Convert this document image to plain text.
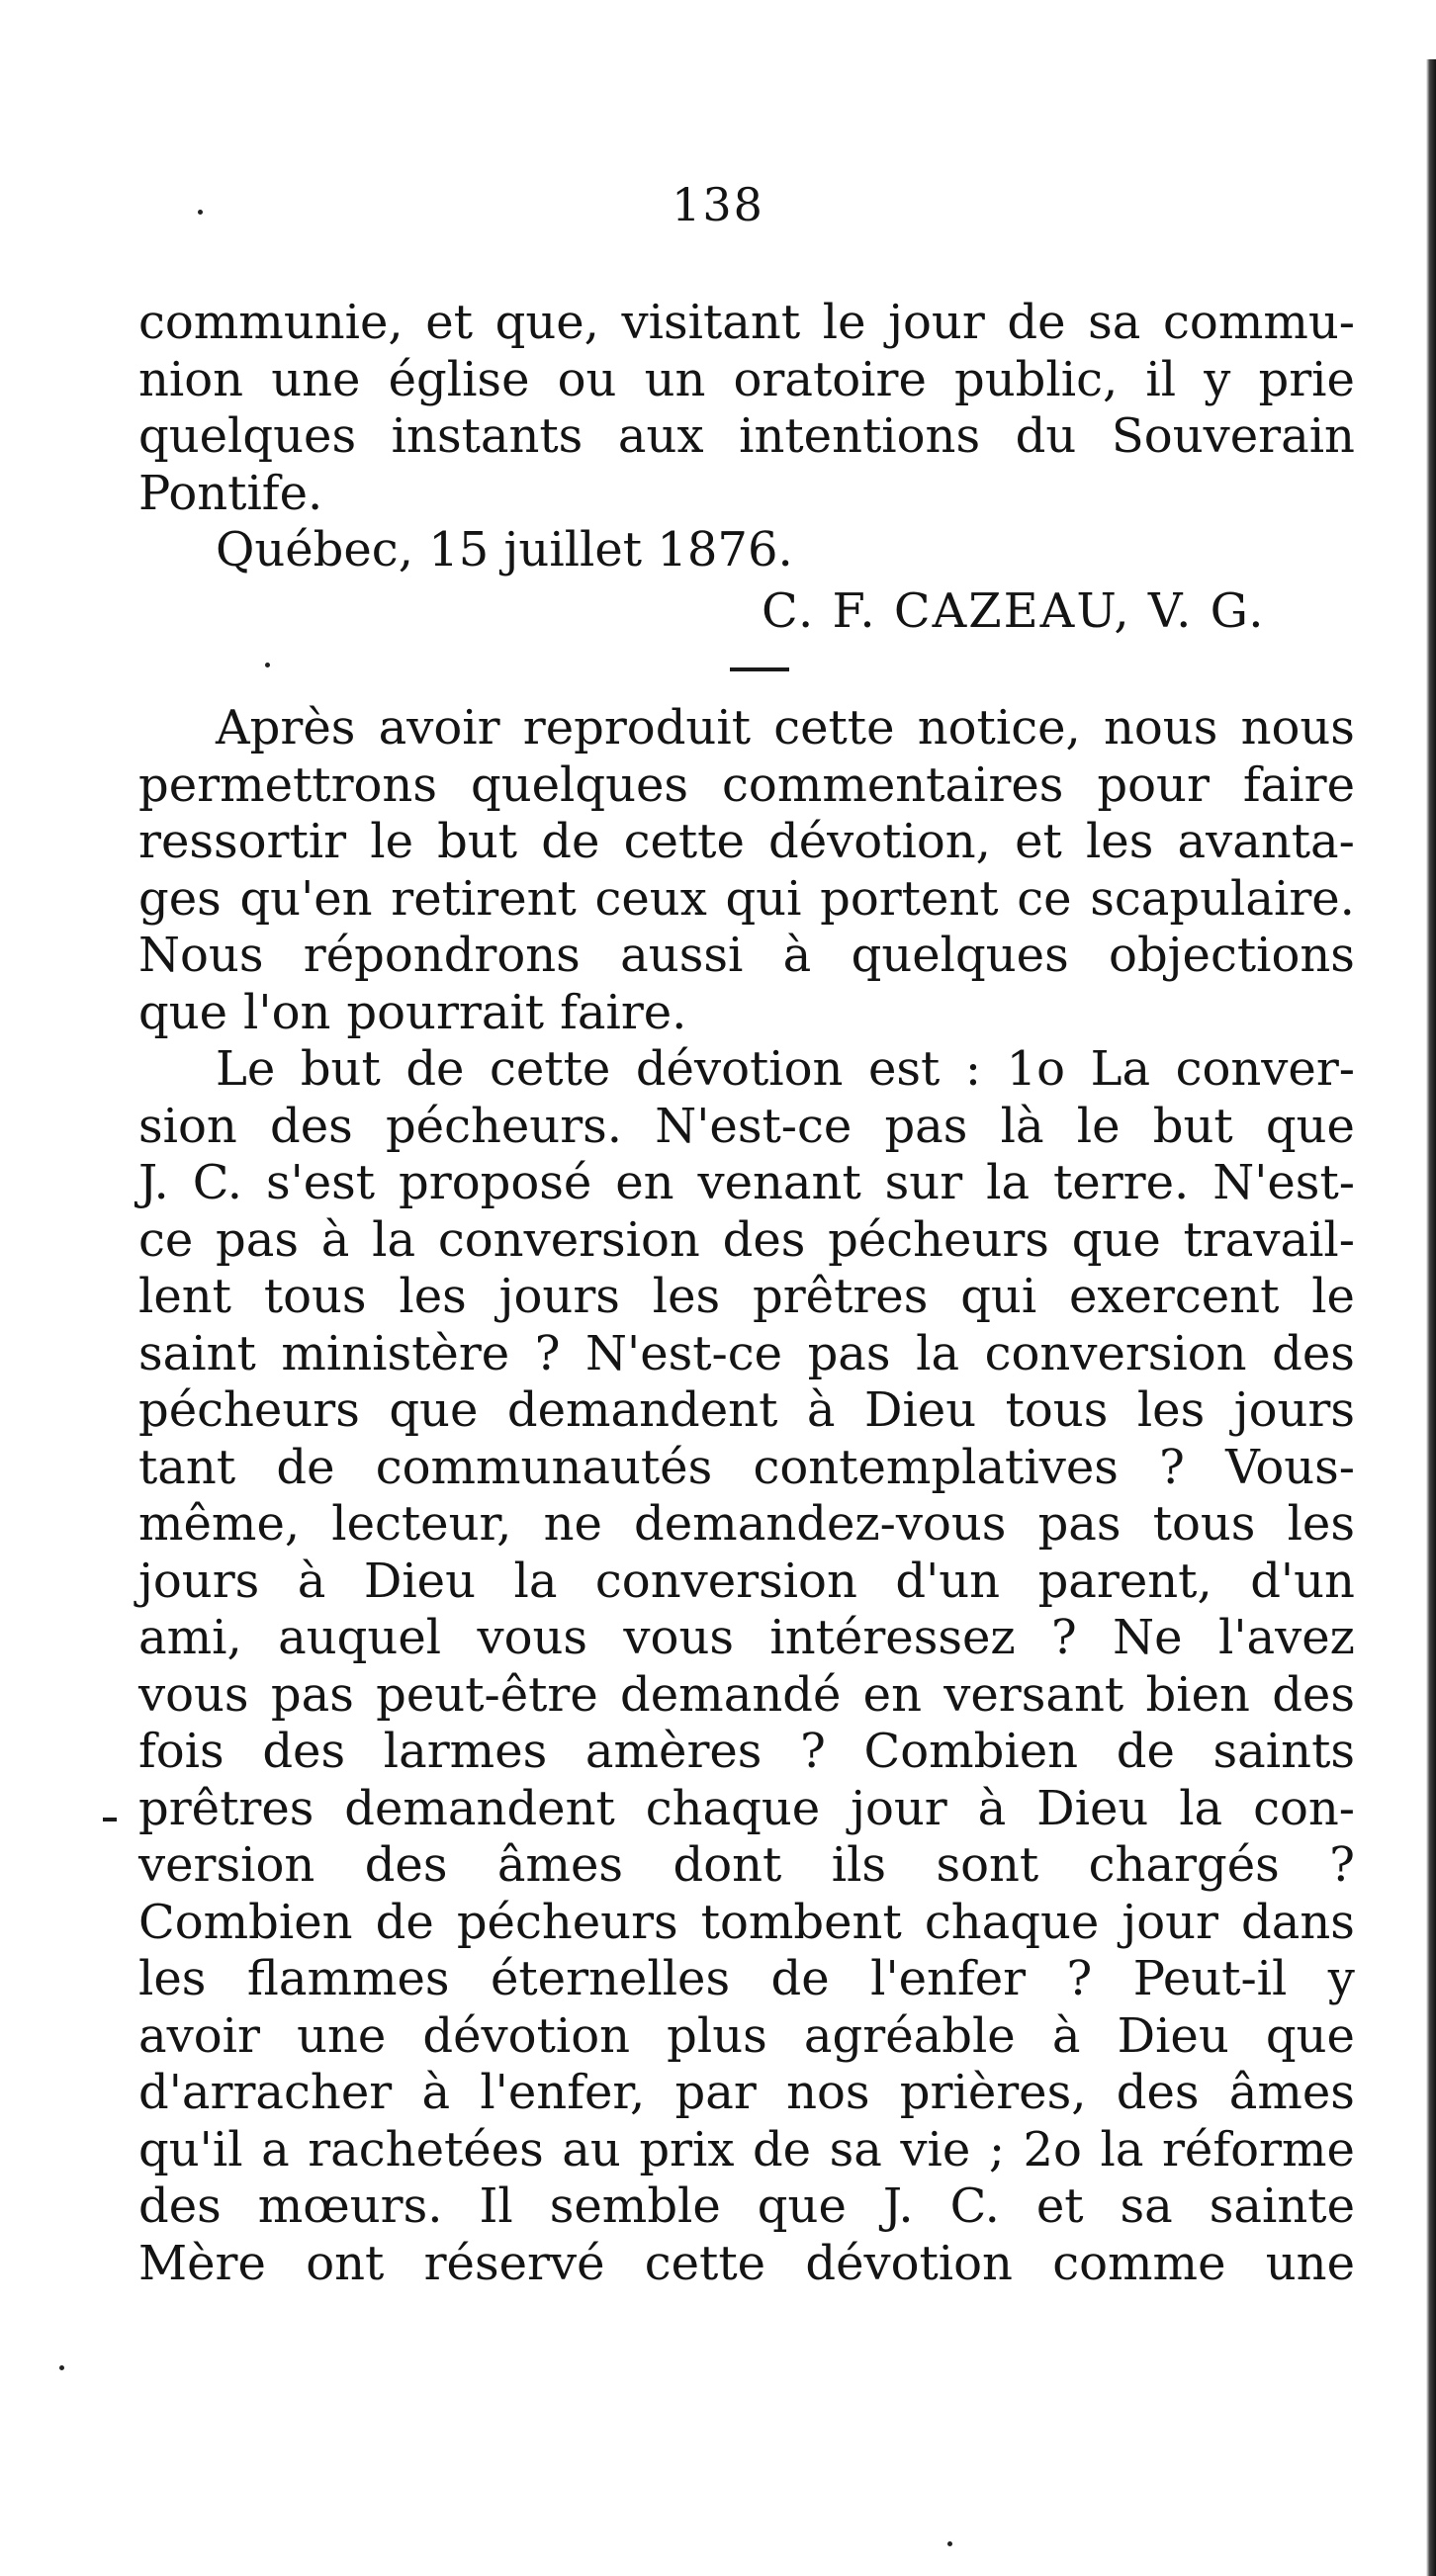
138
communie, et que, visitant le jour de sa commu-
nion une église ou un oratoire public, il y prie
quelques instants aux intentions du Souverain
Pontife.
Québec, 15 juillet 1876.
C. F. CAZEAU, V. G.
Après avoir reproduit cette notice, nous nous
permettrons quelques commentaires pour faire
ressortir le but de cette dévotion, et les avanta-
ges qu'en retirent ceux qui portent ce scapulaire.
Nous répondrons aussi à quelques objections
que l'on pourrait faire.
Le but de cette dévotion est : 1o La conver-
sion des pécheurs. N'est-ce pas là le but que
J. C. s'est proposé en venant sur la terre. N'est-
ce pas à la conversion des pécheurs que travail-
lent tous les jours les prêtres qui exercent le
saint ministère ? N'est-ce pas la conversion des
pécheurs que demandent à Dieu tous les jours
tant de communautés contemplatives ? Vous-
même, lecteur, ne demandez-vous pas tous les
jours à Dieu la conversion d'un parent, d'un
ami, auquel vous vous intéressez ? Ne l'avez
vous pas peut-être demandé en versant bien des
fois des larmes amères ? Combien de saints
prêtres demandent chaque jour à Dieu la con-
version des âmes dont ils sont chargés ?
Combien de pécheurs tombent chaque jour dans
les flammes éternelles de l'enfer ? Peut-il y
avoir une dévotion plus agréable à Dieu que
d'arracher à l'enfer, par nos prières, des âmes
qu'il a rachetées au prix de sa vie ; 2o la réforme
des mœurs. Il semble que J. C. et sa sainte
Mère ont réservé cette dévotion comme une
